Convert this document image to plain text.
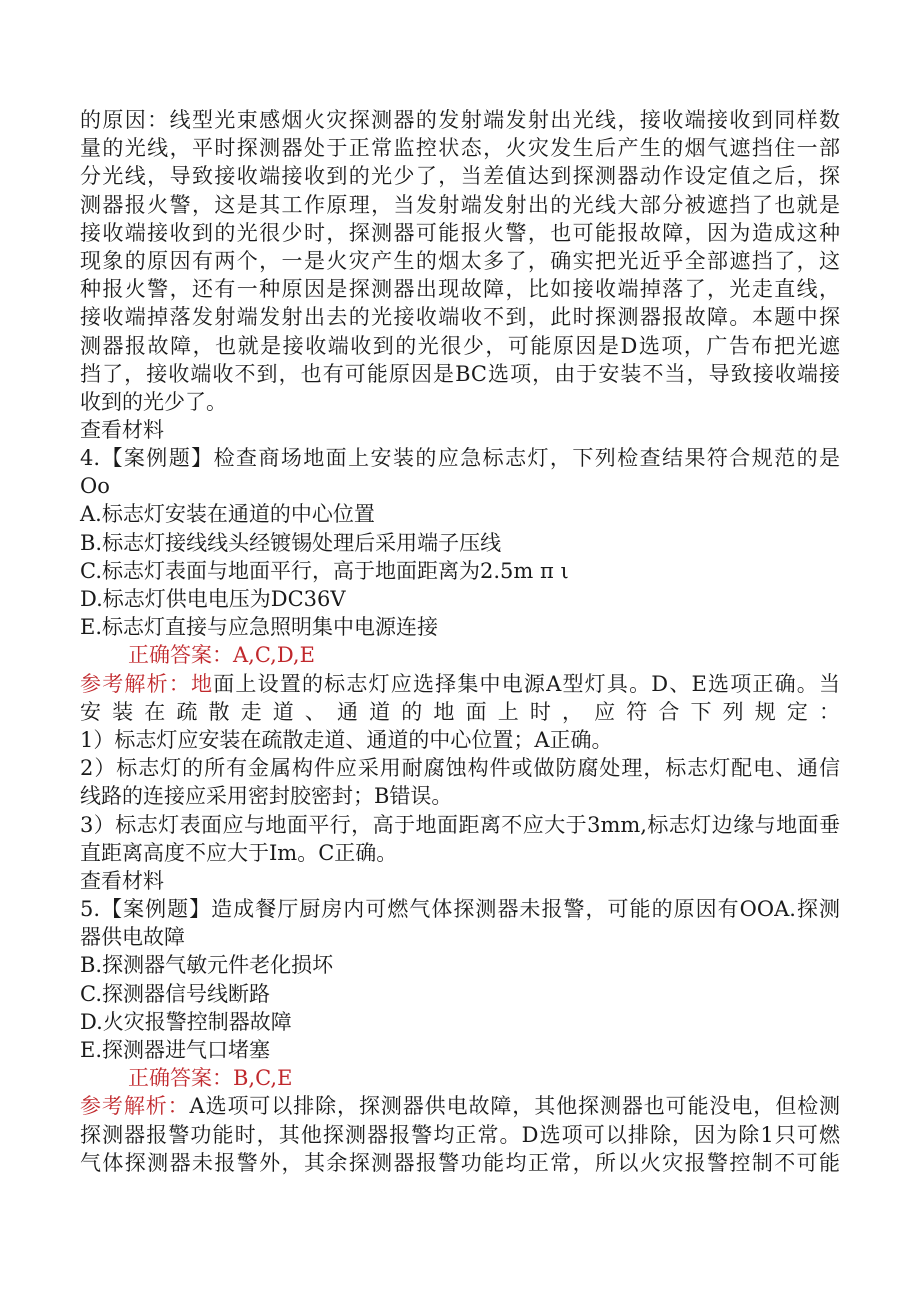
的原因：线型光束感烟火灾探测器的发射端发射出光线，接收端接收到同样数
量的光线，平时探测器处于正常监控状态，火灾发生后产生的烟气遮挡住一部
分光线，导致接收端接收到的光少了，当差值达到探测器动作设定值之后，探
测器报火警，这是其工作原理，当发射端发射出的光线大部分被遮挡了也就是
接收端接收到的光很少时，探测器可能报火警，也可能报故障，因为造成这种
现象的原因有两个，一是火灾产生的烟太多了，确实把光近乎全部遮挡了，这
种报火警，还有一种原因是探测器出现故障，比如接收端掉落了，光走直线，
接收端掉落发射端发射出去的光接收端收不到，此时探测器报故障。本题中探
测器报故障，也就是接收端收到的光很少，可能原因是D选项，广告布把光遮
挡了，接收端收不到，也有可能原因是BC选项，由于安装不当，导致接收端接
收到的光少了。
查看材料
4.【案例题】检查商场地面上安装的应急标志灯，下列检查结果符合规范的是
Oo
A.标志灯安装在通道的中心位置
B.标志灯接线线头经镀锡处理后采用端子压线
C.标志灯表面与地面平行，高于地面距离为2.5m π ι
D.标志灯供电电压为DC36V
E.标志灯直接与应急照明集中电源连接
正确答案：A,C,D,E
参考解析：地面上设置的标志灯应选择集中电源A型灯具。D、E选项正确。当
安装在疏散走道、通道的地面上时，应符合下列规定：
1）标志灯应安装在疏散走道、通道的中心位置；A正确。
2）标志灯的所有金属构件应采用耐腐蚀构件或做防腐处理，标志灯配电、通信
线路的连接应采用密封胶密封；B错误。
3）标志灯表面应与地面平行，高于地面距离不应大于3mm,标志灯边缘与地面垂
直距离高度不应大于Im。C正确。
查看材料
5.【案例题】造成餐厅厨房内可燃气体探测器未报警，可能的原因有OOA.探测
器供电故障
B.探测器气敏元件老化损坏
C.探测器信号线断路
D.火灾报警控制器故障
E.探测器进气口堵塞
正确答案：B,C,E
参考解析：A选项可以排除，探测器供电故障，其他探测器也可能没电，但检测
探测器报警功能时，其他探测器报警均正常。D选项可以排除，因为除1只可燃
气体探测器未报警外，其余探测器报警功能均正常，所以火灾报警控制不可能
